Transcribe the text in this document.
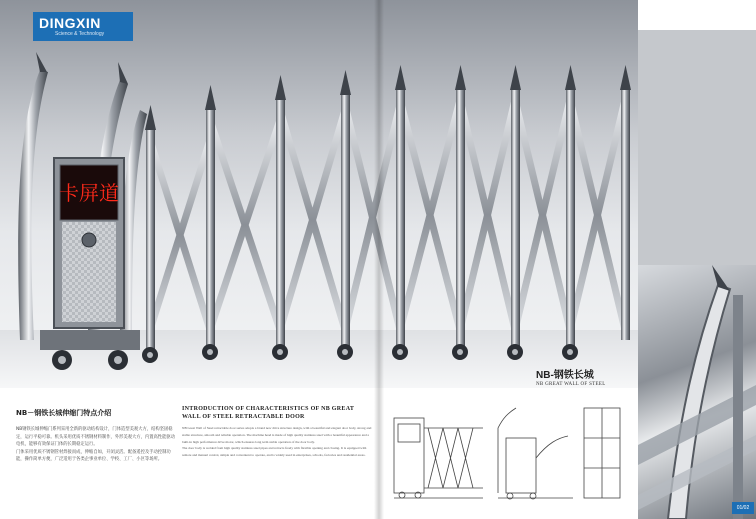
卡屏道
DINGXIN
Science & Technology
NB-钢铁长城
NB GREAT WALL OF STEEL
01/02
NB－钢铁长城伸缩门特点介绍

NB钢铁长城伸缩门系列采用全新的驱动结构设计，门体造型美观大方，结构坚固稳定，运行平稳可靠。机头采用优质不锈钢材料制作，外形美观大方，内置高性能驱动电机，能够有效保证门体的长期稳定运行。

门体采用优质不锈钢管材焊接而成，伸缩自如，开闭灵活。配备遥控及手动控制功能，操作简单方便，广泛适用于各类企事业单位、学校、工厂、小区等场所。

INTRODUCTION OF CHARACTERISTICS OF NB GREAT WALL OF STEEL RETRACTABLE DOOR

NB Great Wall of Steel retractable door series adopts a brand new drive structure design, with a beautiful and elegant door body, strong and stable structure, smooth and reliable operation. The machine head is made of high quality stainless steel with a beautiful appearance and a built-in high performance drive motor, which ensures long term stable operation of the door body.

The door body is welded from high quality stainless steel pipes and retracts freely with flexible opening and closing. It is equipped with remote and manual control, simple and convenient to operate, and is widely used in enterprises, schools, factories and residential areas.
